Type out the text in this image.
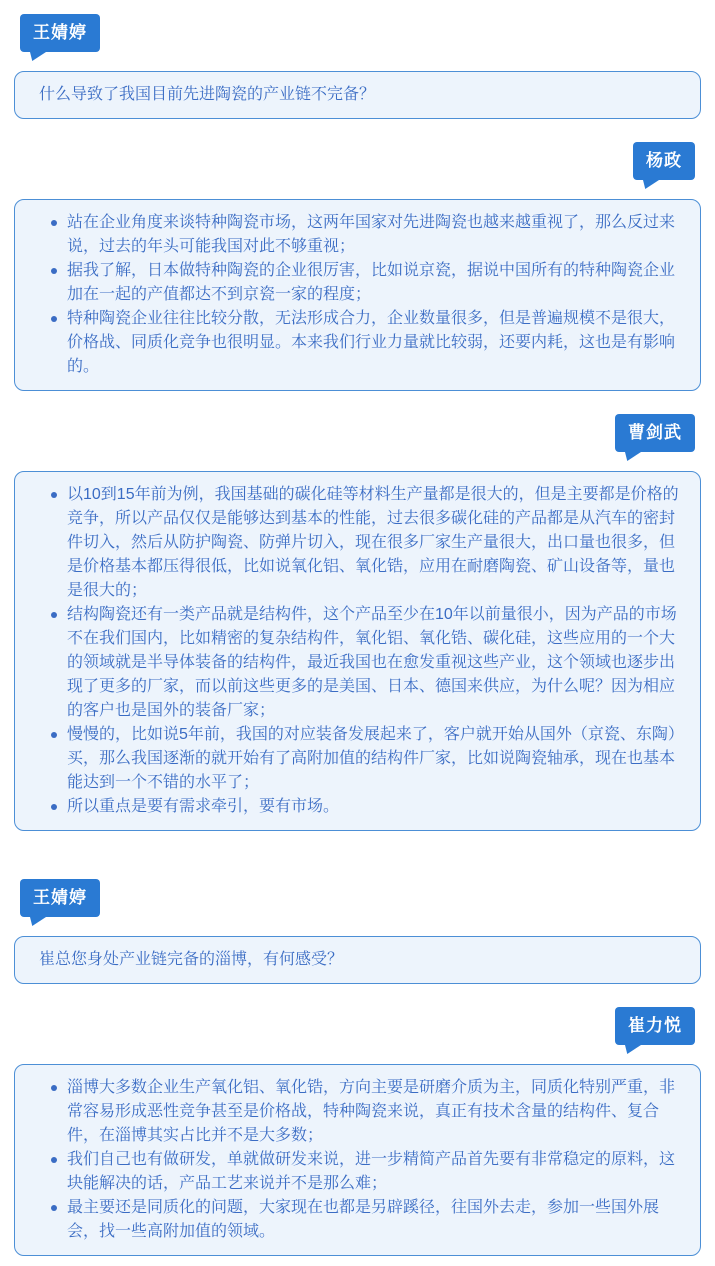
王婧婷

什么导致了我国目前先进陶瓷的产业链不完备？

杨政
站在企业角度来谈特种陶瓷市场，这两年国家对先进陶瓷也越来越重视了，那么反过来说，过去的年头可能我国对此不够重视；
据我了解，日本做特种陶瓷的企业很厉害，比如说京瓷，据说中国所有的特种陶瓷企业加在一起的产值都达不到京瓷一家的程度；
特种陶瓷企业往往比较分散，无法形成合力，企业数量很多，但是普遍规模不是很大，价格战、同质化竞争也很明显。本来我们行业力量就比较弱，还要内耗，这也是有影响的。
曹剑武
以10到15年前为例，我国基础的碳化硅等材料生产量都是很大的，但是主要都是价格的竞争，所以产品仅仅是能够达到基本的性能，过去很多碳化硅的产品都是从汽车的密封件切入，然后从防护陶瓷、防弹片切入，现在很多厂家生产量很大，出口量也很多，但是价格基本都压得很低，比如说氧化铝、氧化锆，应用在耐磨陶瓷、矿山设备等，量也是很大的；
结构陶瓷还有一类产品就是结构件，这个产品至少在10年以前量很小，因为产品的市场不在我们国内，比如精密的复杂结构件，氧化铝、氧化锆、碳化硅，这些应用的一个大的领域就是半导体装备的结构件，最近我国也在愈发重视这些产业，这个领域也逐步出现了更多的厂家，而以前这些更多的是美国、日本、德国来供应，为什么呢？因为相应的客户也是国外的装备厂家；
慢慢的，比如说5年前，我国的对应装备发展起来了，客户就开始从国外（京瓷、东陶）买，那么我国逐渐的就开始有了高附加值的结构件厂家，比如说陶瓷轴承，现在也基本能达到一个不错的水平了；
所以重点是要有需求牵引，要有市场。
王婧婷

崔总您身处产业链完备的淄博，有何感受？

崔力悦
淄博大多数企业生产氧化铝、氧化锆，方向主要是研磨介质为主，同质化特别严重，非常容易形成恶性竞争甚至是价格战，特种陶瓷来说，真正有技术含量的结构件、复合件，在淄博其实占比并不是大多数；
我们自己也有做研发，单就做研发来说，进一步精简产品首先要有非常稳定的原料，这块能解决的话，产品工艺来说并不是那么难；
最主要还是同质化的问题，大家现在也都是另辟蹊径，往国外去走，参加一些国外展会，找一些高附加值的领域。
